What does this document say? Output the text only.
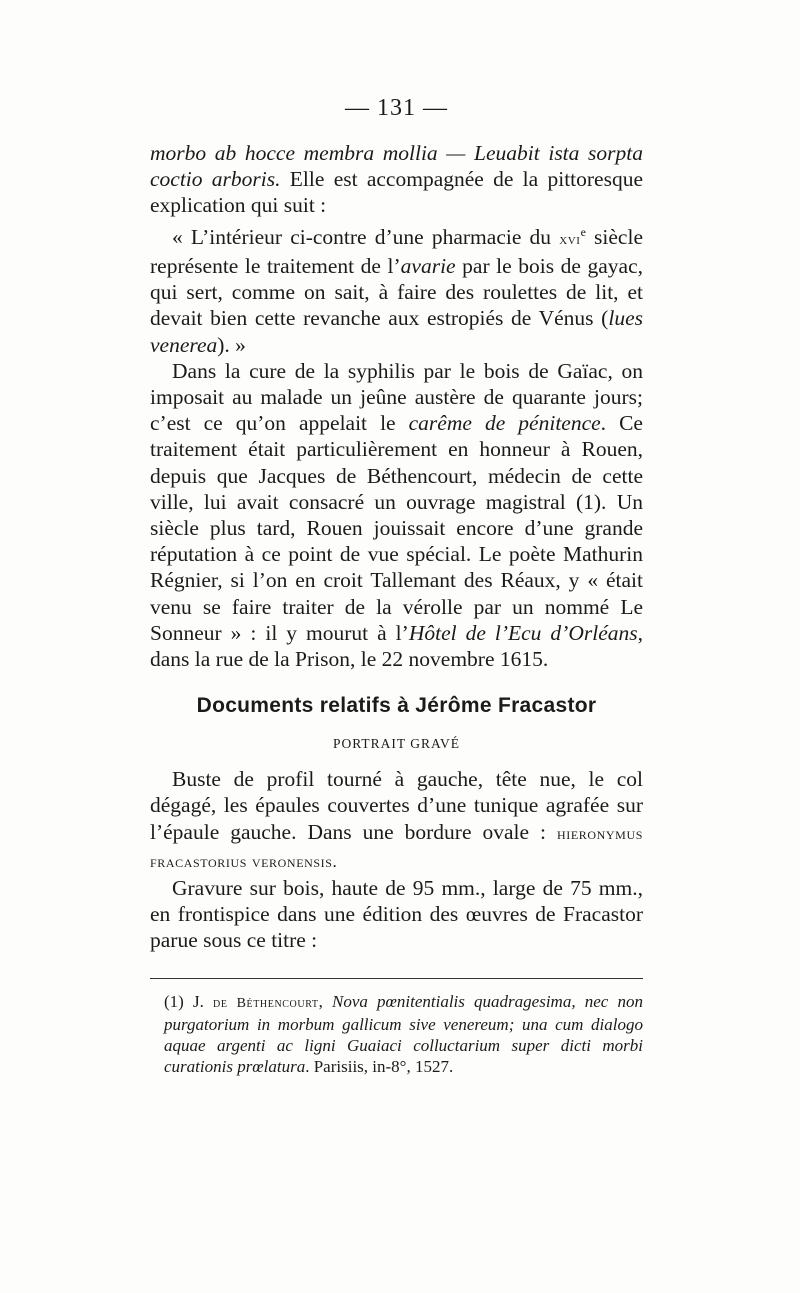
— 131 —

morbo ab hocce membra mollia — Leuabit ista sorpta coctio arboris. Elle est accompagnée de la pittoresque explication qui suit :

« L’intérieur ci-contre d’une pharmacie du xvi$^e$ siècle représente le traitement de l’avarie par le bois de gayac, qui sert, comme on sait, à faire des roulettes de lit, et devait bien cette revanche aux estropiés de Vénus (lues venerea). »

Dans la cure de la syphilis par le bois de Gaïac, on imposait au malade un jeûne austère de quarante jours; c’est ce qu’on appelait le carême de pénitence. Ce traitement était particulièrement en honneur à Rouen, depuis que Jacques de Béthencourt, médecin de cette ville, lui avait consacré un ouvrage magistral (1). Un siècle plus tard, Rouen jouissait encore d’une grande réputation à ce point de vue spécial. Le poète Mathurin Régnier, si l’on en croit Tallemant des Réaux, y « était venu se faire traiter de la vérolle par un nommé Le Sonneur » : il y mourut à l’Hôtel de l’Ecu d’Orléans, dans la rue de la Prison, le 22 novembre 1615.

Documents relatifs à Jérôme Fracastor
PORTRAIT GRAVÉ

Buste de profil tourné à gauche, tête nue, le col dégagé, les épaules couvertes d’une tunique agrafée sur l’épaule gauche. Dans une bordure ovale : hieronymus fracastorius veronensis.

Gravure sur bois, haute de 95 mm., large de 75 mm., en frontispice dans une édition des œuvres de Fracastor parue sous ce titre :

(1) J. de Béthencourt, Nova pœnitentialis quadragesima, nec non purgatorium in morbum gallicum sive venereum; una cum dialogo aquae argenti ac ligni Guaiaci colluctarium super dicti morbi curationis prœlatura. Parisiis, in-8°, 1527.
